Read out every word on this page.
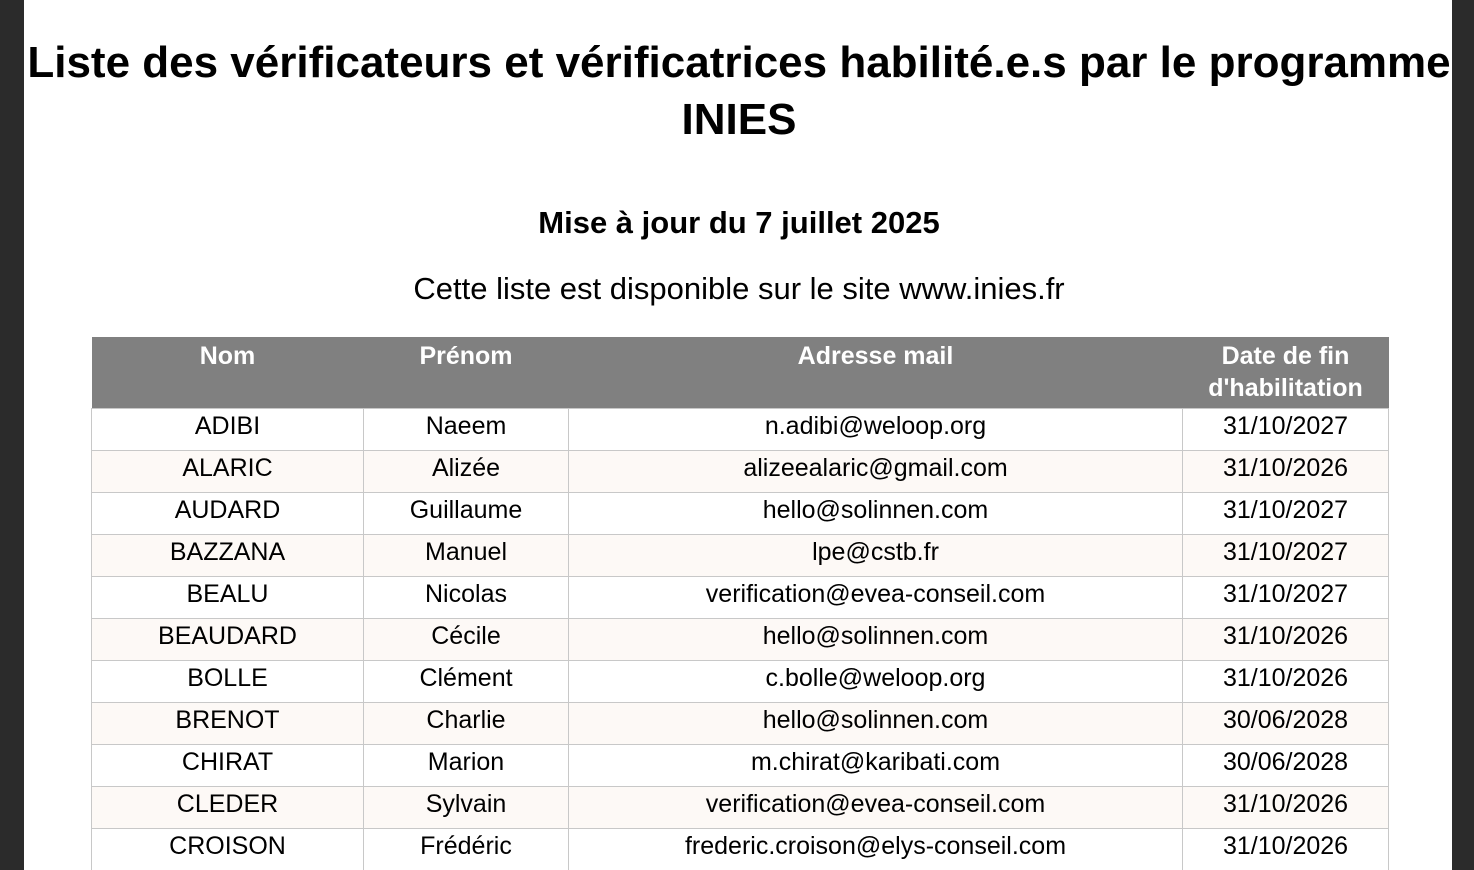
Liste des vérificateurs et vérificatrices habilité.e.s par le programme INIES

Mise à jour du 7 juillet 2025

Cette liste est disponible sur le site www.inies.fr

Nom	Prénom	Adresse mail	Date de fin d'habilitation

ADIBI	Naeem	n.adibi@weloop.org	31/10/2027

ALARIC	Alizée	alizeealaric@gmail.com	31/10/2026

AUDARD	Guillaume	hello@solinnen.com	31/10/2027

BAZZANA	Manuel	lpe@cstb.fr	31/10/2027

BEALU	Nicolas	verification@evea-conseil.com	31/10/2027

BEAUDARD	Cécile	hello@solinnen.com	31/10/2026

BOLLE	Clément	c.bolle@weloop.org	31/10/2026

BRENOT	Charlie	hello@solinnen.com	30/06/2028

CHIRAT	Marion	m.chirat@karibati.com	30/06/2028

CLEDER	Sylvain	verification@evea-conseil.com	31/10/2026

CROISON	Frédéric	frederic.croison@elys-conseil.com	31/10/2026
